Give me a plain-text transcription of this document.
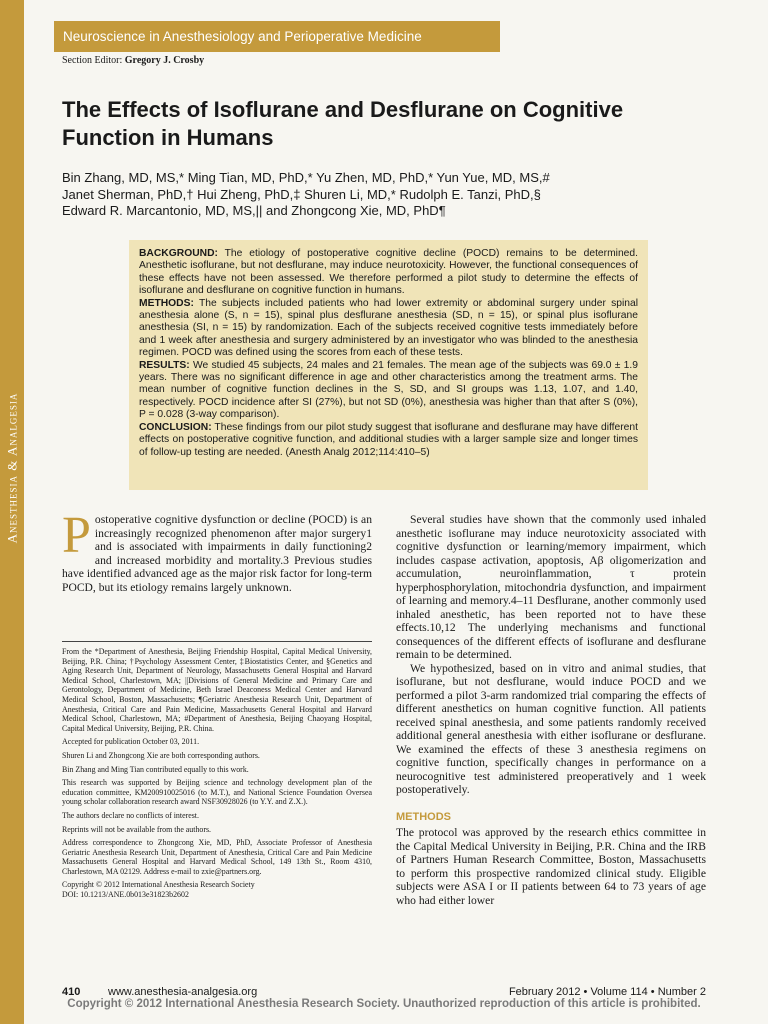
Anesthesia & Analgesia
Neuroscience in Anesthesiology and Perioperative Medicine
Section Editor: Gregory J. Crosby
The Effects of Isoflurane and Desflurane on Cognitive Function in Humans
Bin Zhang, MD, MS,* Ming Tian, MD, PhD,* Yu Zhen, MD, PhD,* Yun Yue, MD, MS,#
Janet Sherman, PhD,† Hui Zheng, PhD,‡ Shuren Li, MD,* Rudolph E. Tanzi, PhD,§
Edward R. Marcantonio, MD, MS,|| and Zhongcong Xie, MD, PhD¶

BACKGROUND: The etiology of postoperative cognitive decline (POCD) remains to be determined. Anesthetic isoflurane, but not desflurane, may induce neurotoxicity. However, the functional consequences of these effects have not been assessed. We therefore performed a pilot study to determine the effects of isoflurane and desflurane on cognitive function in humans.

METHODS: The subjects included patients who had lower extremity or abdominal surgery under spinal anesthesia alone (S, n = 15), spinal plus desflurane anesthesia (SD, n = 15), or spinal plus isoflurane anesthesia (SI, n = 15) by randomization. Each of the subjects received cognitive tests immediately before and 1 week after anesthesia and surgery administered by an investigator who was blinded to the anesthesia regimen. POCD was defined using the scores from each of these tests.

RESULTS: We studied 45 subjects, 24 males and 21 females. The mean age of the subjects was 69.0 ± 1.9 years. There was no significant difference in age and other characteristics among the treatment arms. The mean number of cognitive function declines in the S, SD, and SI groups was 1.13, 1.07, and 1.40, respectively. POCD incidence after SI (27%), but not SD (0%), anesthesia was higher than that after S (0%), P = 0.028 (3-way comparison).

CONCLUSION: These findings from our pilot study suggest that isoflurane and desflurane may have different effects on postoperative cognitive function, and additional studies with a larger sample size and longer times of follow-up testing are needed. (Anesth Analg 2012;114:410–5)

Postoperative cognitive dysfunction or decline (POCD) is an increasingly recognized phenomenon after major surgery1 and is associated with impairments in daily functioning2 and increased morbidity and mortality.3 Previous studies have identified advanced age as the major risk factor for long-term POCD, but its etiology remains largely unknown.

From the *Department of Anesthesia, Beijing Friendship Hospital, Capital Medical University, Beijing, P.R. China; †Psychology Assessment Center, ‡Biostatistics Center, and §Genetics and Aging Research Unit, Department of Neurology, Massachusetts General Hospital and Harvard Medical School, Charlestown, MA; ||Divisions of General Medicine and Primary Care and Gerontology, Department of Medicine, Beth Israel Deaconess Medical Center and Harvard Medical School, Boston, Massachusetts; ¶Geriatric Anesthesia Research Unit, Department of Anesthesia, Critical Care and Pain Medicine, Massachusetts General Hospital and Harvard Medical School, Charlestown, MA; #Department of Anesthesia, Beijing Chaoyang Hospital, Capital Medical University, Beijing, P.R. China.

Accepted for publication October 03, 2011.

Shuren Li and Zhongcong Xie are both corresponding authors.

Bin Zhang and Ming Tian contributed equally to this work.

This research was supported by Beijing science and technology development plan of the education committee, KM200910025016 (to M.T.), and National Science Foundation Oversea young scholar collaboration research award NSF30928026 (to Y.Y. and Z.X.).

The authors declare no conflicts of interest.

Reprints will not be available from the authors.

Address correspondence to Zhongcong Xie, MD, PhD, Associate Professor of Anesthesia Geriatric Anesthesia Research Unit, Department of Anesthesia, Critical Care and Pain Medicine Massachusetts General Hospital and Harvard Medical School, 149 13th St., Room 4310, Charlestown, MA 02129. Address e-mail to zxie@partners.org.

Copyright © 2012 International Anesthesia Research Society

DOI: 10.1213/ANE.0b013e31823b2602

Several studies have shown that the commonly used inhaled anesthetic isoflurane may induce neurotoxicity associated with cognitive dysfunction or learning/memory impairment, which includes caspase activation, apoptosis, Aβ oligomerization and accumulation, neuroinflammation, τ protein hyperphosphorylation, mitochondria dysfunction, and impairment of learning and memory.4–11 Desflurane, another commonly used inhaled anesthetic, has been reported not to have these effects.10,12 The underlying mechanisms and functional consequences of the different effects of isoflurane and desflurane remain to be determined.

We hypothesized, based on in vitro and animal studies, that isoflurane, but not desflurane, would induce POCD and we performed a pilot 3-arm randomized trial comparing the effects of different anesthetics on human cognitive function. All patients received spinal anesthesia, and some patients randomly received additional general anesthesia with either isoflurane or desflurane. We examined the effects of these 3 anesthesia regimens on cognitive function, specifically changes in performance on a neurocognitive test administered preoperatively and 1 week postoperatively.

METHODS

The protocol was approved by the research ethics committee in the Capital Medical University in Beijing, P.R. China and the IRB of Partners Human Research Committee, Boston, Massachusetts to perform this prospective randomized clinical study. Eligible subjects were ASA I or II patients between 64 to 73 years of age who had either lower

410	www.anesthesia-analgesia.org	February 2012 • Volume 114 • Number 2
Copyright © 2012 International Anesthesia Research Society. Unauthorized reproduction of this article is prohibited.
